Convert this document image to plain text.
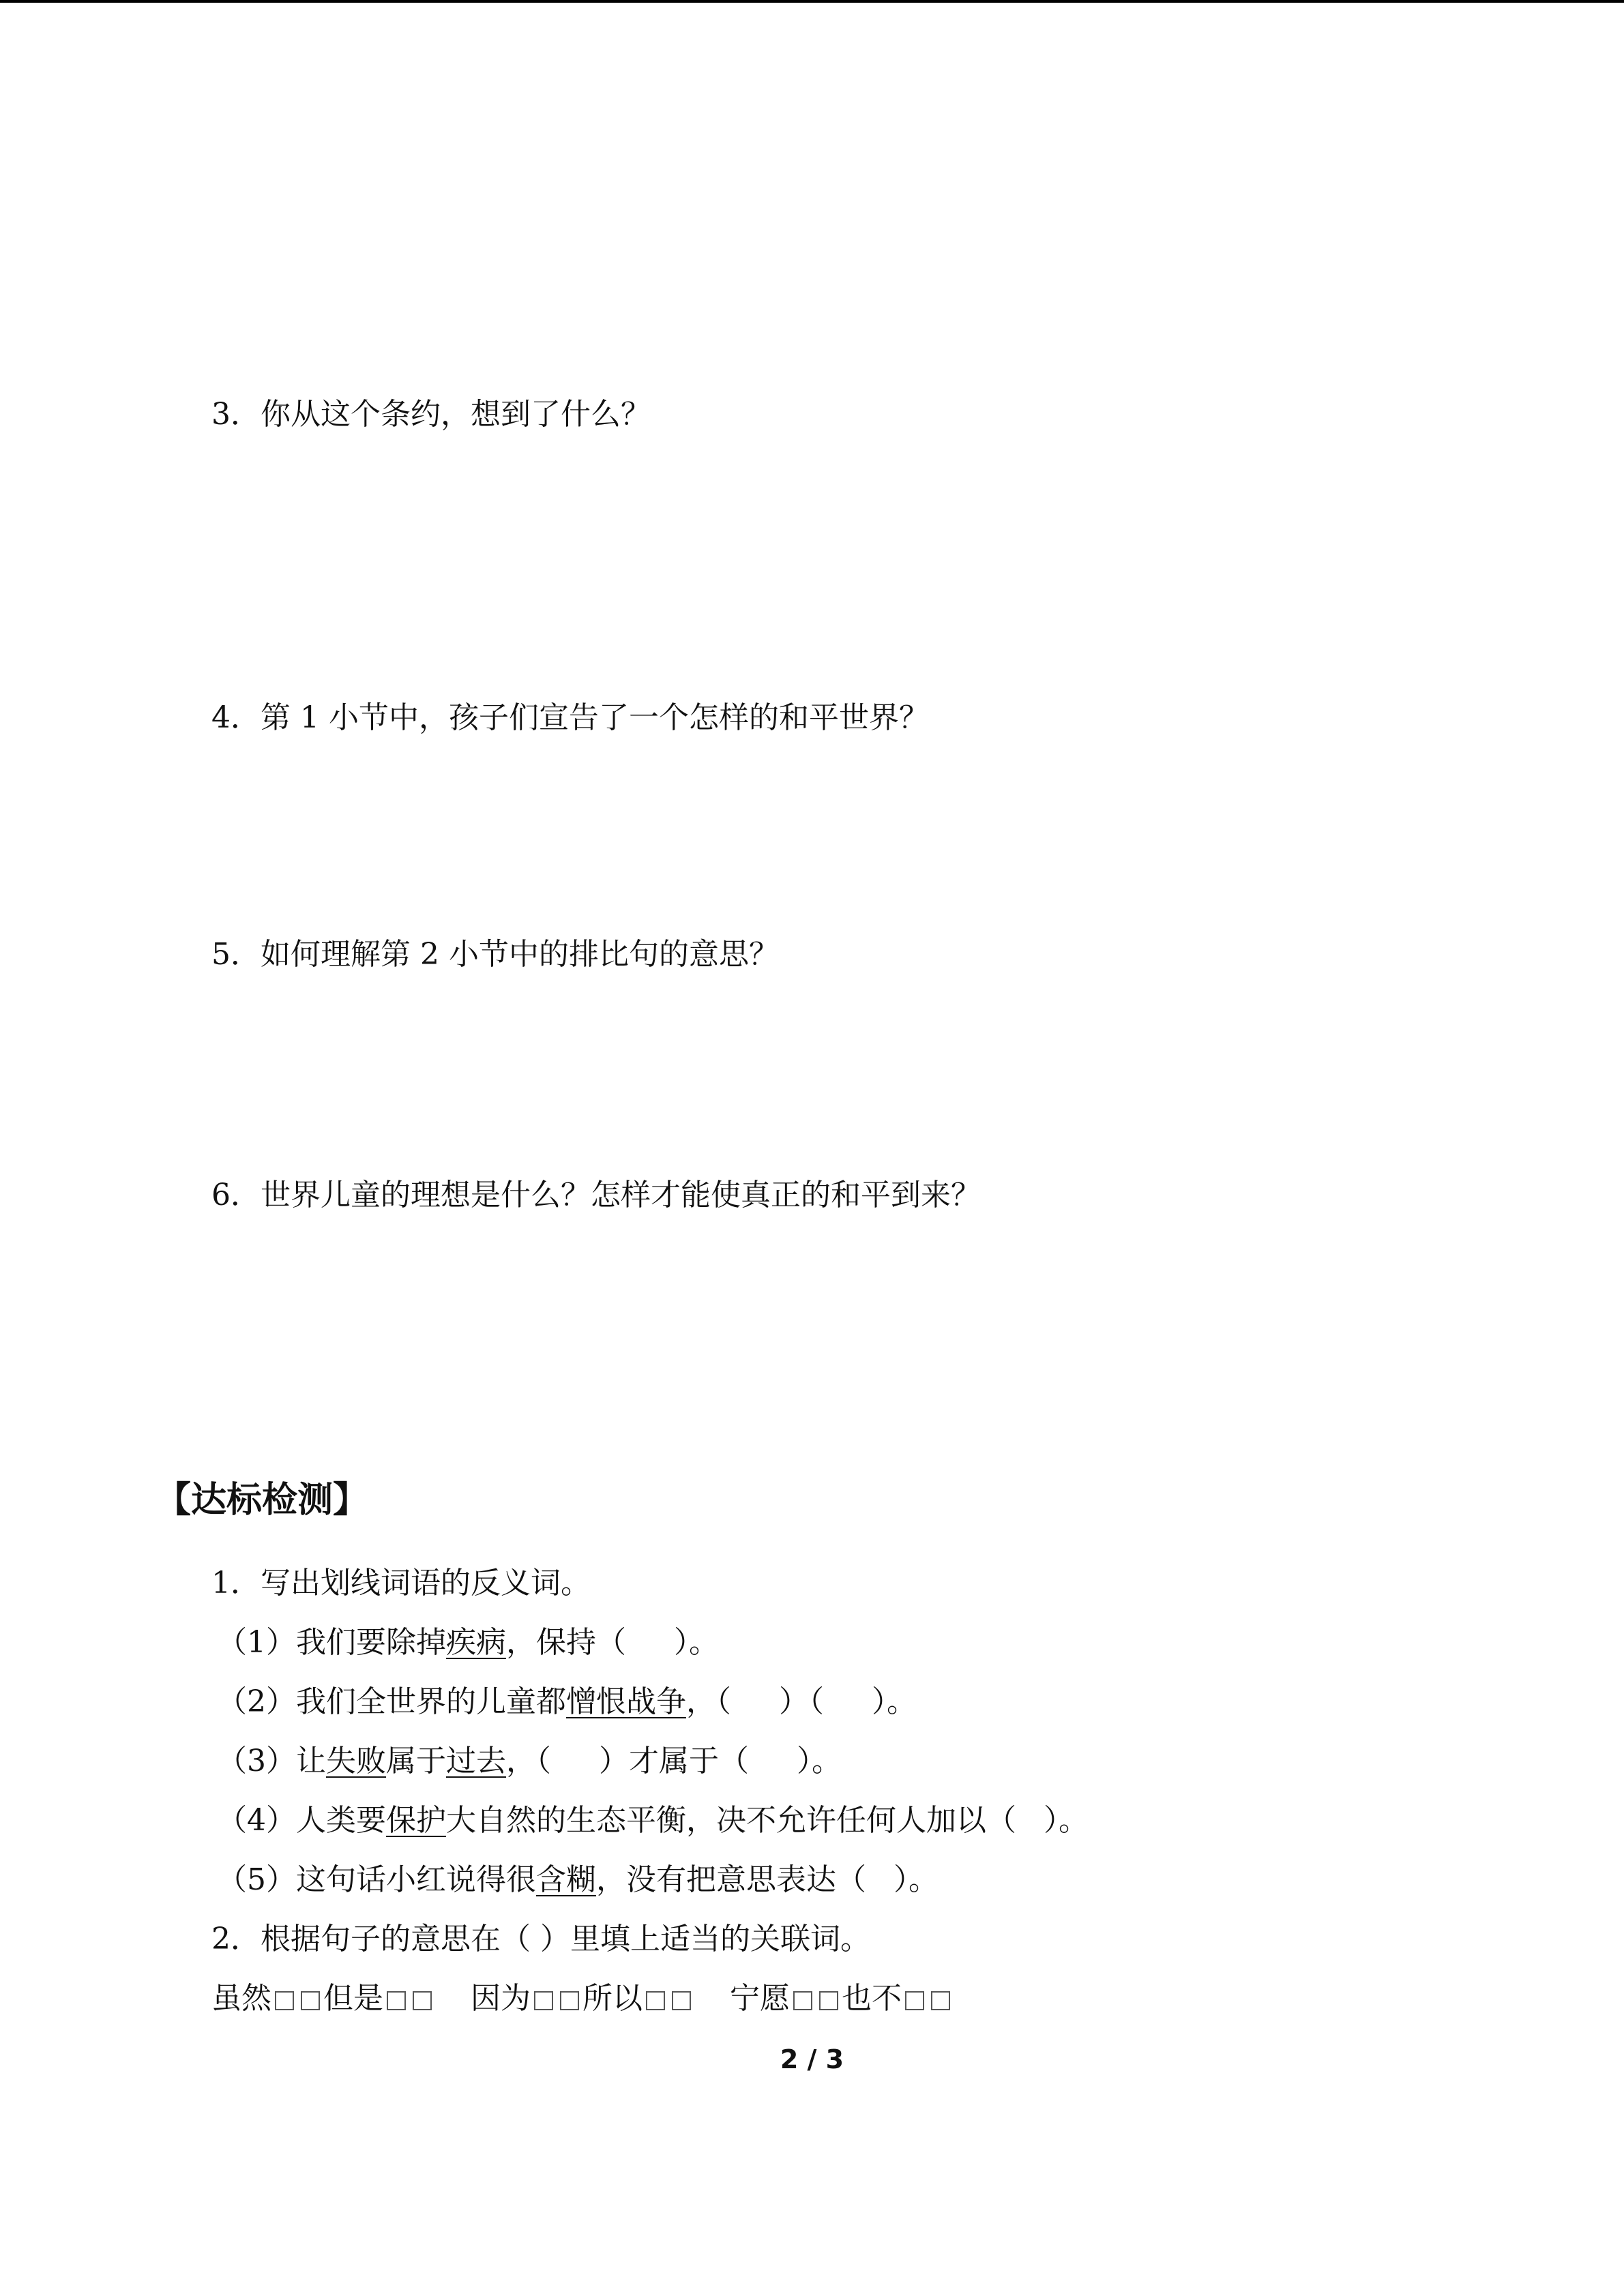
3．你从这个条约，想到了什么？
4．第 1 小节中，孩子们宣告了一个怎样的和平世界？
5．如何理解第 2 小节中的排比句的意思？
6．世界儿童的理想是什么？怎样才能使真正的和平到来？
【达标检测】
1．写出划线词语的反义词。
（1）我们要除掉疾病，保持（ ）。
（2）我们全世界的儿童都憎恨战争，（ ）（ ）。
（3）让失败属于过去，（ ）才属于（ ）。
（4）人类要保护大自然的生态平衡，决不允许任何人加以（ ）。
（5）这句话小红说得很含糊，没有把意思表达（ ）。
2．根据句子的意思在（ ）里填上适当的关联词。
虽然 但是	因为 所以	宁愿 也不
2 / 3
